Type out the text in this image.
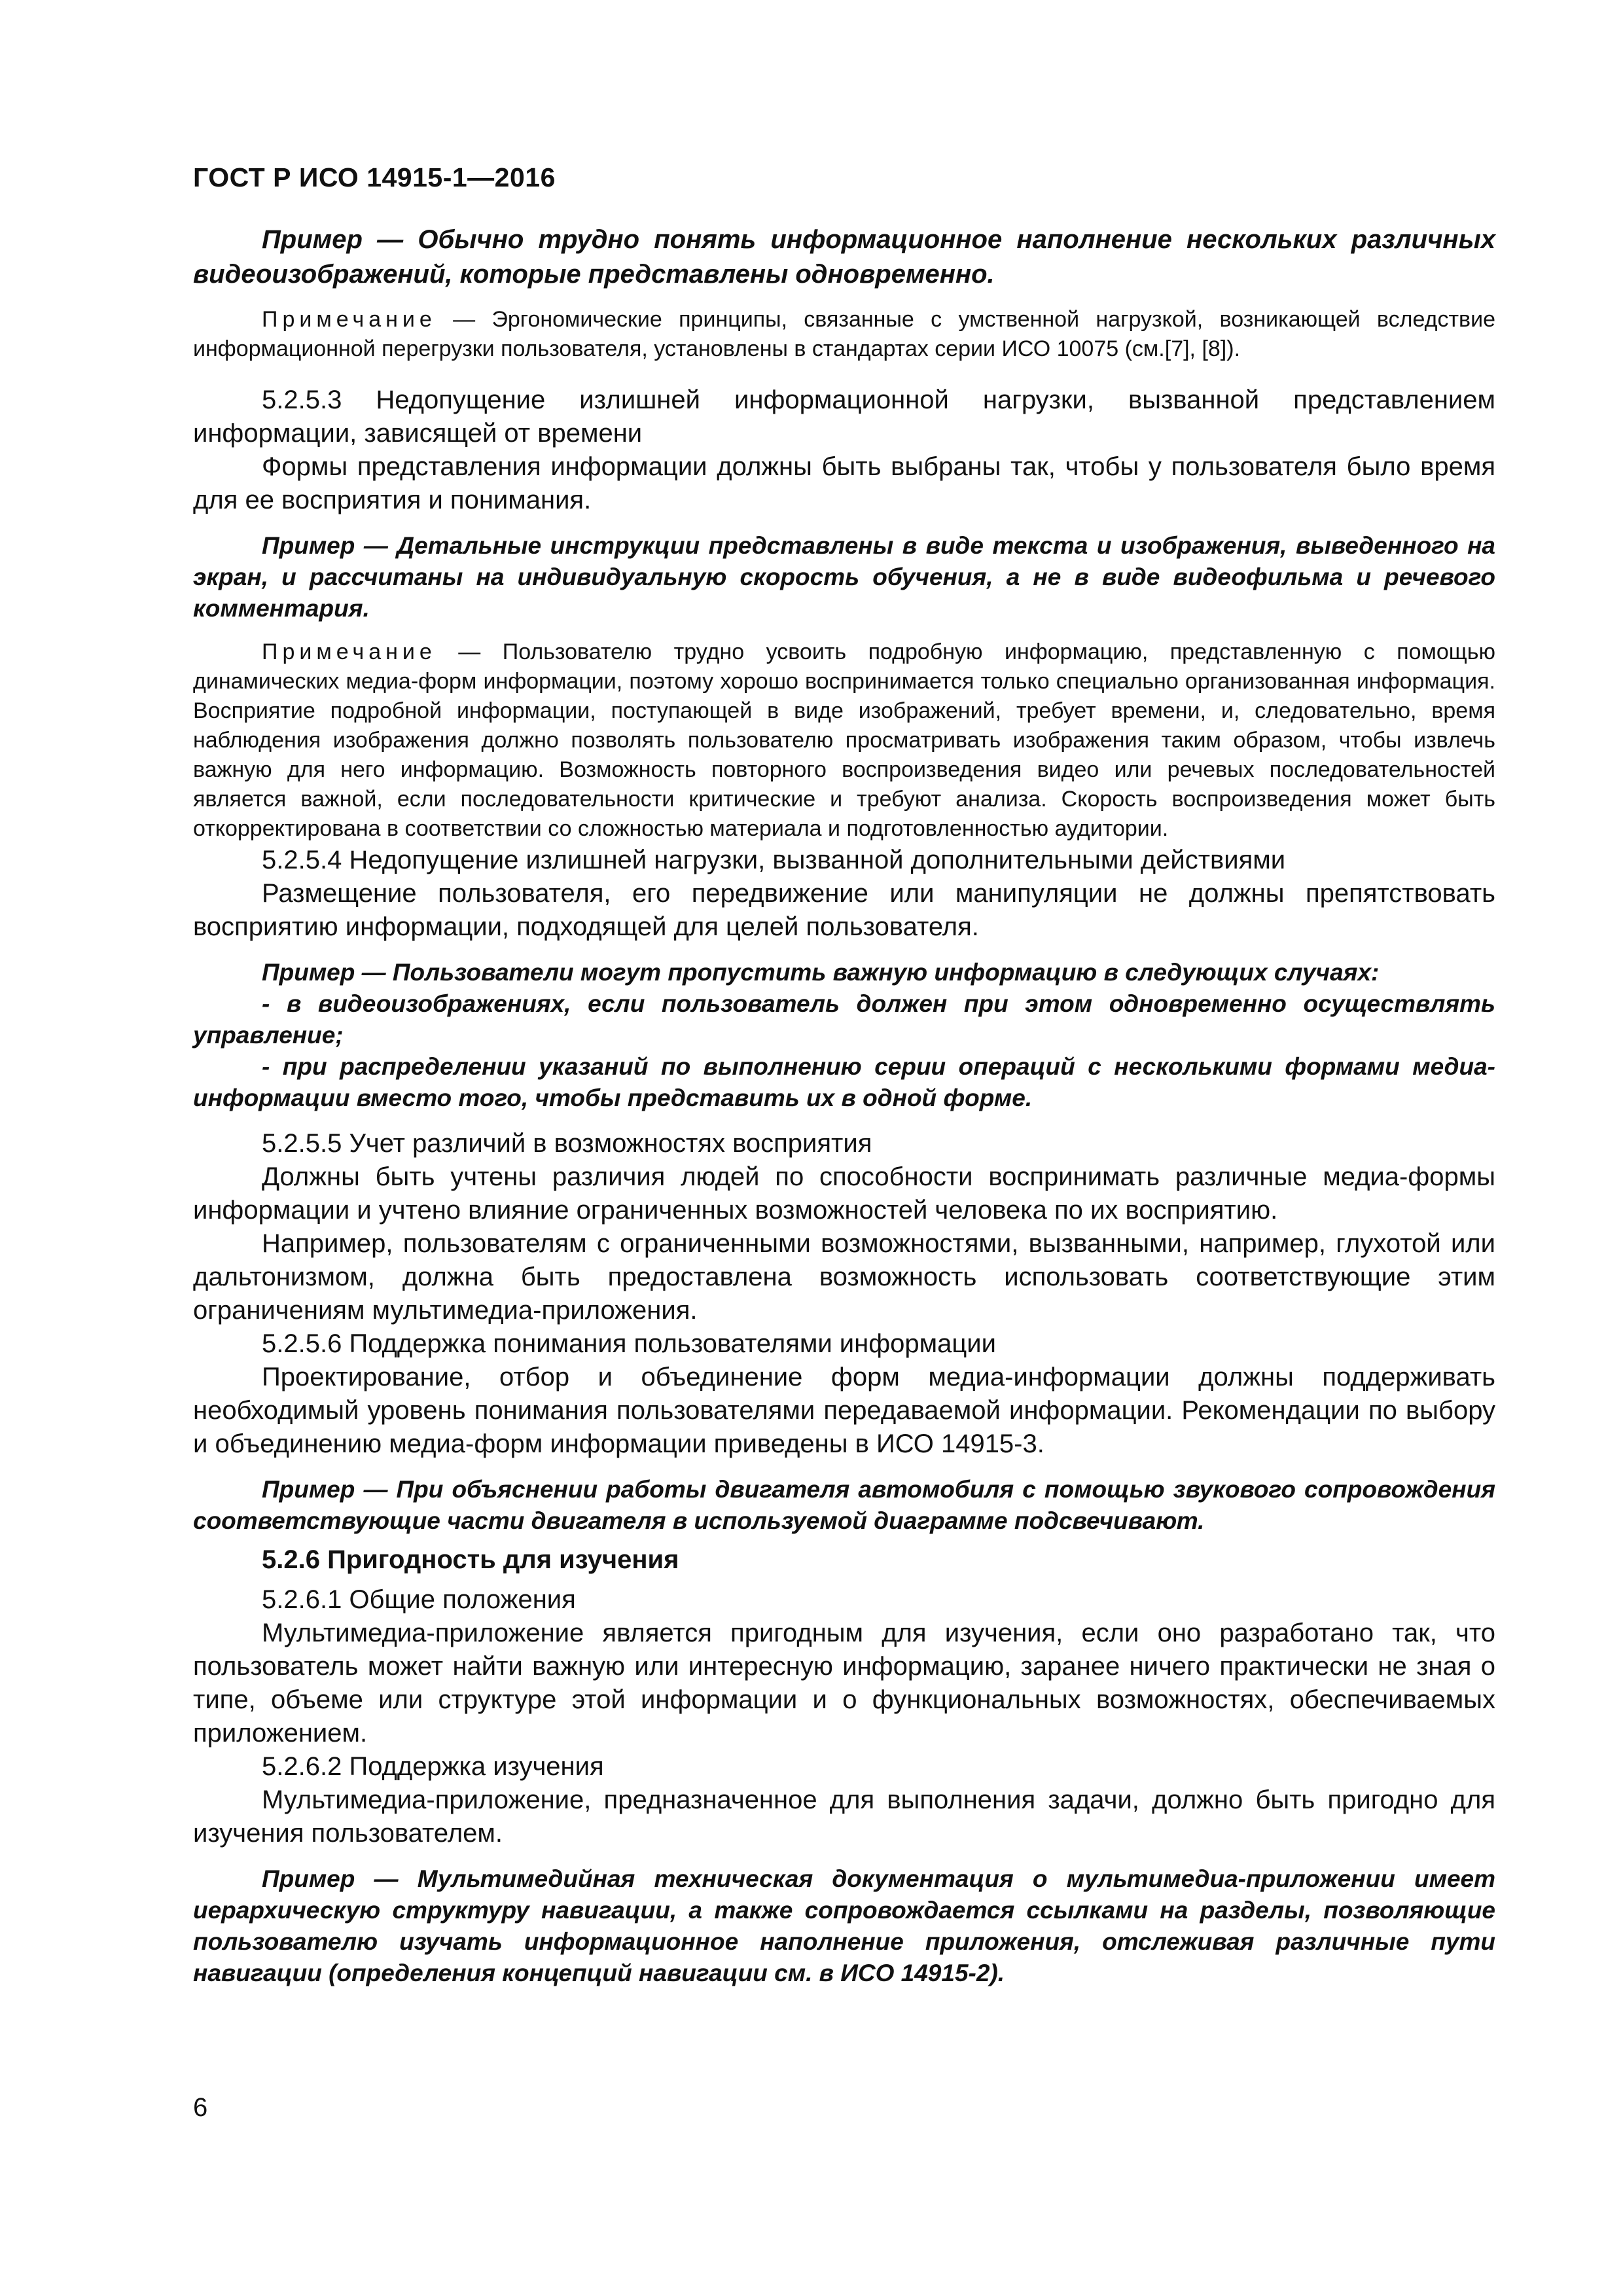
ГОСТ Р ИСО 14915-1—2016

Пример — Обычно трудно понять информационное наполнение нескольких различных видеоизображений, которые представлены одновременно.

Примечание — Эргономические принципы, связанные с умственной нагрузкой, возникающей вследствие информационной перегрузки пользователя, установлены в стандартах серии ИСО 10075 (см.[7], [8]).

5.2.5.3 Недопущение излишней информационной нагрузки, вызванной представлением информации, зависящей от времени

Формы представления информации должны быть выбраны так, чтобы у пользователя было время для ее восприятия и понимания.

Пример — Детальные инструкции представлены в виде текста и изображения, выведенного на экран, и рассчитаны на индивидуальную скорость обучения, а не в виде видеофильма и речевого комментария.

Примечание — Пользователю трудно усвоить подробную информацию, представленную с помощью динамических медиа-форм информации, поэтому хорошо воспринимается только специально организованная информация. Восприятие подробной информации, поступающей в виде изображений, требует времени, и, следовательно, время наблюдения изображения должно позволять пользователю просматривать изображения таким образом, чтобы извлечь важную для него информацию. Возможность повторного воспроизведения видео или речевых последовательностей является важной, если последовательности критические и требуют анализа. Скорость воспроизведения может быть откорректирована в соответствии со сложностью материала и подготовленностью аудитории.

5.2.5.4 Недопущение излишней нагрузки, вызванной дополнительными действиями

Размещение пользователя, его передвижение или манипуляции не должны препятствовать восприятию информации, подходящей для целей пользователя.

Пример — Пользователи могут пропустить важную информацию в следующих случаях:

- в видеоизображениях, если пользователь должен при этом одновременно осуществлять управление;

- при распределении указаний по выполнению серии операций с несколькими формами медиа-информации вместо того, чтобы представить их в одной форме.

5.2.5.5 Учет различий в возможностях восприятия

Должны быть учтены различия людей по способности воспринимать различные медиа-формы информации и учтено влияние ограниченных возможностей человека по их восприятию.

Например, пользователям с ограниченными возможностями, вызванными, например, глухотой или дальтонизмом, должна быть предоставлена возможность использовать соответствующие этим ограничениям мультимедиа-приложения.

5.2.5.6 Поддержка понимания пользователями информации

Проектирование, отбор и объединение форм медиа-информации должны поддерживать необходимый уровень понимания пользователями передаваемой информации. Рекомендации по выбору и объединению медиа-форм информации приведены в ИСО 14915-3.

Пример — При объяснении работы двигателя автомобиля с помощью звукового сопровождения соответствующие части двигателя в используемой диаграмме подсвечивают.

5.2.6 Пригодность для изучения

5.2.6.1 Общие положения

Мультимедиа-приложение является пригодным для изучения, если оно разработано так, что пользователь может найти важную или интересную информацию, заранее ничего практически не зная о типе, объеме или структуре этой информации и о функциональных возможностях, обеспечиваемых приложением.

5.2.6.2 Поддержка изучения

Мультимедиа-приложение, предназначенное для выполнения задачи, должно быть пригодно для изучения пользователем.

Пример — Мультимедийная техническая документация о мультимедиа-приложении имеет иерархическую структуру навигации, а также сопровождается ссылками на разделы, позволяющие пользователю изучать информационное наполнение приложения, отслеживая различные пути навигации (определения концепций навигации см. в ИСО 14915-2).

6
